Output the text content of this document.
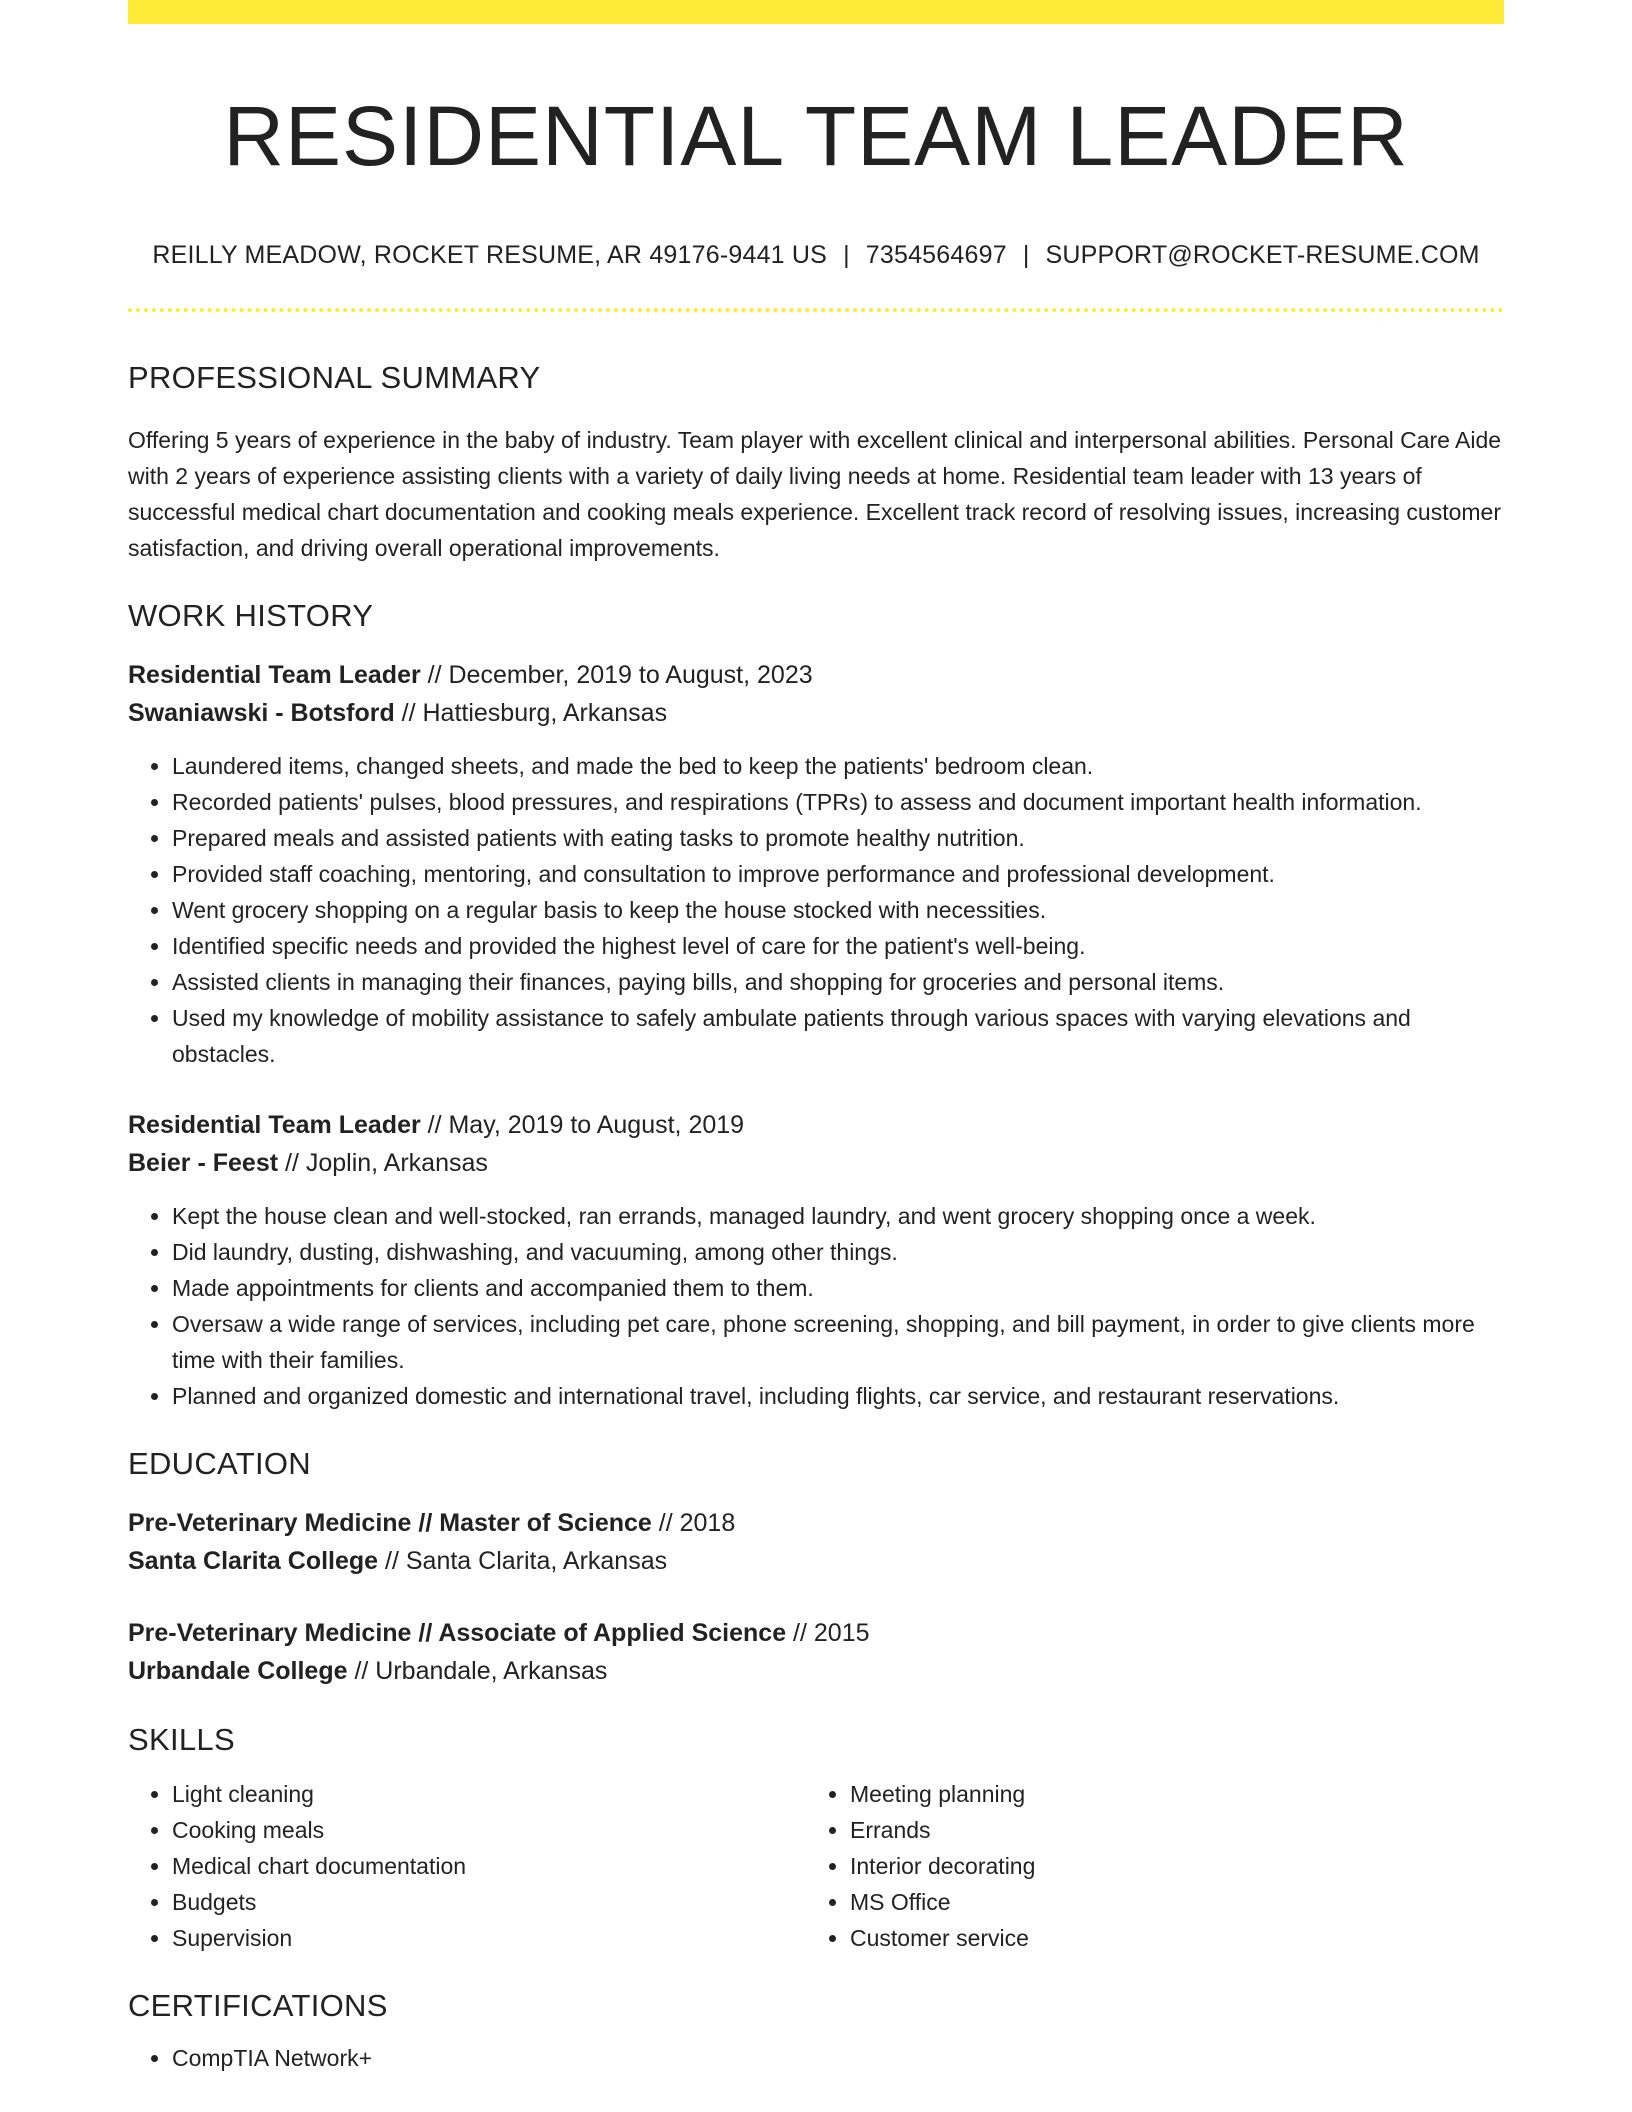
RESIDENTIAL TEAM LEADER
REILLY MEADOW, ROCKET RESUME, AR 49176-9441 US | 7354564697 | SUPPORT@ROCKET-RESUME.COM
PROFESSIONAL SUMMARY
Offering 5 years of experience in the baby of industry. Team player with excellent clinical and interpersonal abilities. Personal Care Aide with 2 years of experience assisting clients with a variety of daily living needs at home. Residential team leader with 13 years of successful medical chart documentation and cooking meals experience. Excellent track record of resolving issues, increasing customer satisfaction, and driving overall operational improvements.
WORK HISTORY
Residential Team Leader // December, 2019 to August, 2023
Swaniawski - Botsford // Hattiesburg, Arkansas
• Laundered items, changed sheets, and made the bed to keep the patients' bedroom clean.
• Recorded patients' pulses, blood pressures, and respirations (TPRs) to assess and document important health information.
• Prepared meals and assisted patients with eating tasks to promote healthy nutrition.
• Provided staff coaching, mentoring, and consultation to improve performance and professional development.
• Went grocery shopping on a regular basis to keep the house stocked with necessities.
• Identified specific needs and provided the highest level of care for the patient's well-being.
• Assisted clients in managing their finances, paying bills, and shopping for groceries and personal items.
• Used my knowledge of mobility assistance to safely ambulate patients through various spaces with varying elevations and obstacles.
Residential Team Leader // May, 2019 to August, 2019
Beier - Feest // Joplin, Arkansas
• Kept the house clean and well-stocked, ran errands, managed laundry, and went grocery shopping once a week.
• Did laundry, dusting, dishwashing, and vacuuming, among other things.
• Made appointments for clients and accompanied them to them.
• Oversaw a wide range of services, including pet care, phone screening, shopping, and bill payment, in order to give clients more time with their families.
• Planned and organized domestic and international travel, including flights, car service, and restaurant reservations.
EDUCATION
Pre-Veterinary Medicine // Master of Science // 2018
Santa Clarita College // Santa Clarita, Arkansas
Pre-Veterinary Medicine // Associate of Applied Science // 2015
Urbandale College // Urbandale, Arkansas
SKILLS
• Light cleaning
• Cooking meals
• Medical chart documentation
• Budgets
• Supervision
• Meeting planning
• Errands
• Interior decorating
• MS Office
• Customer service
CERTIFICATIONS
• CompTIA Network+
